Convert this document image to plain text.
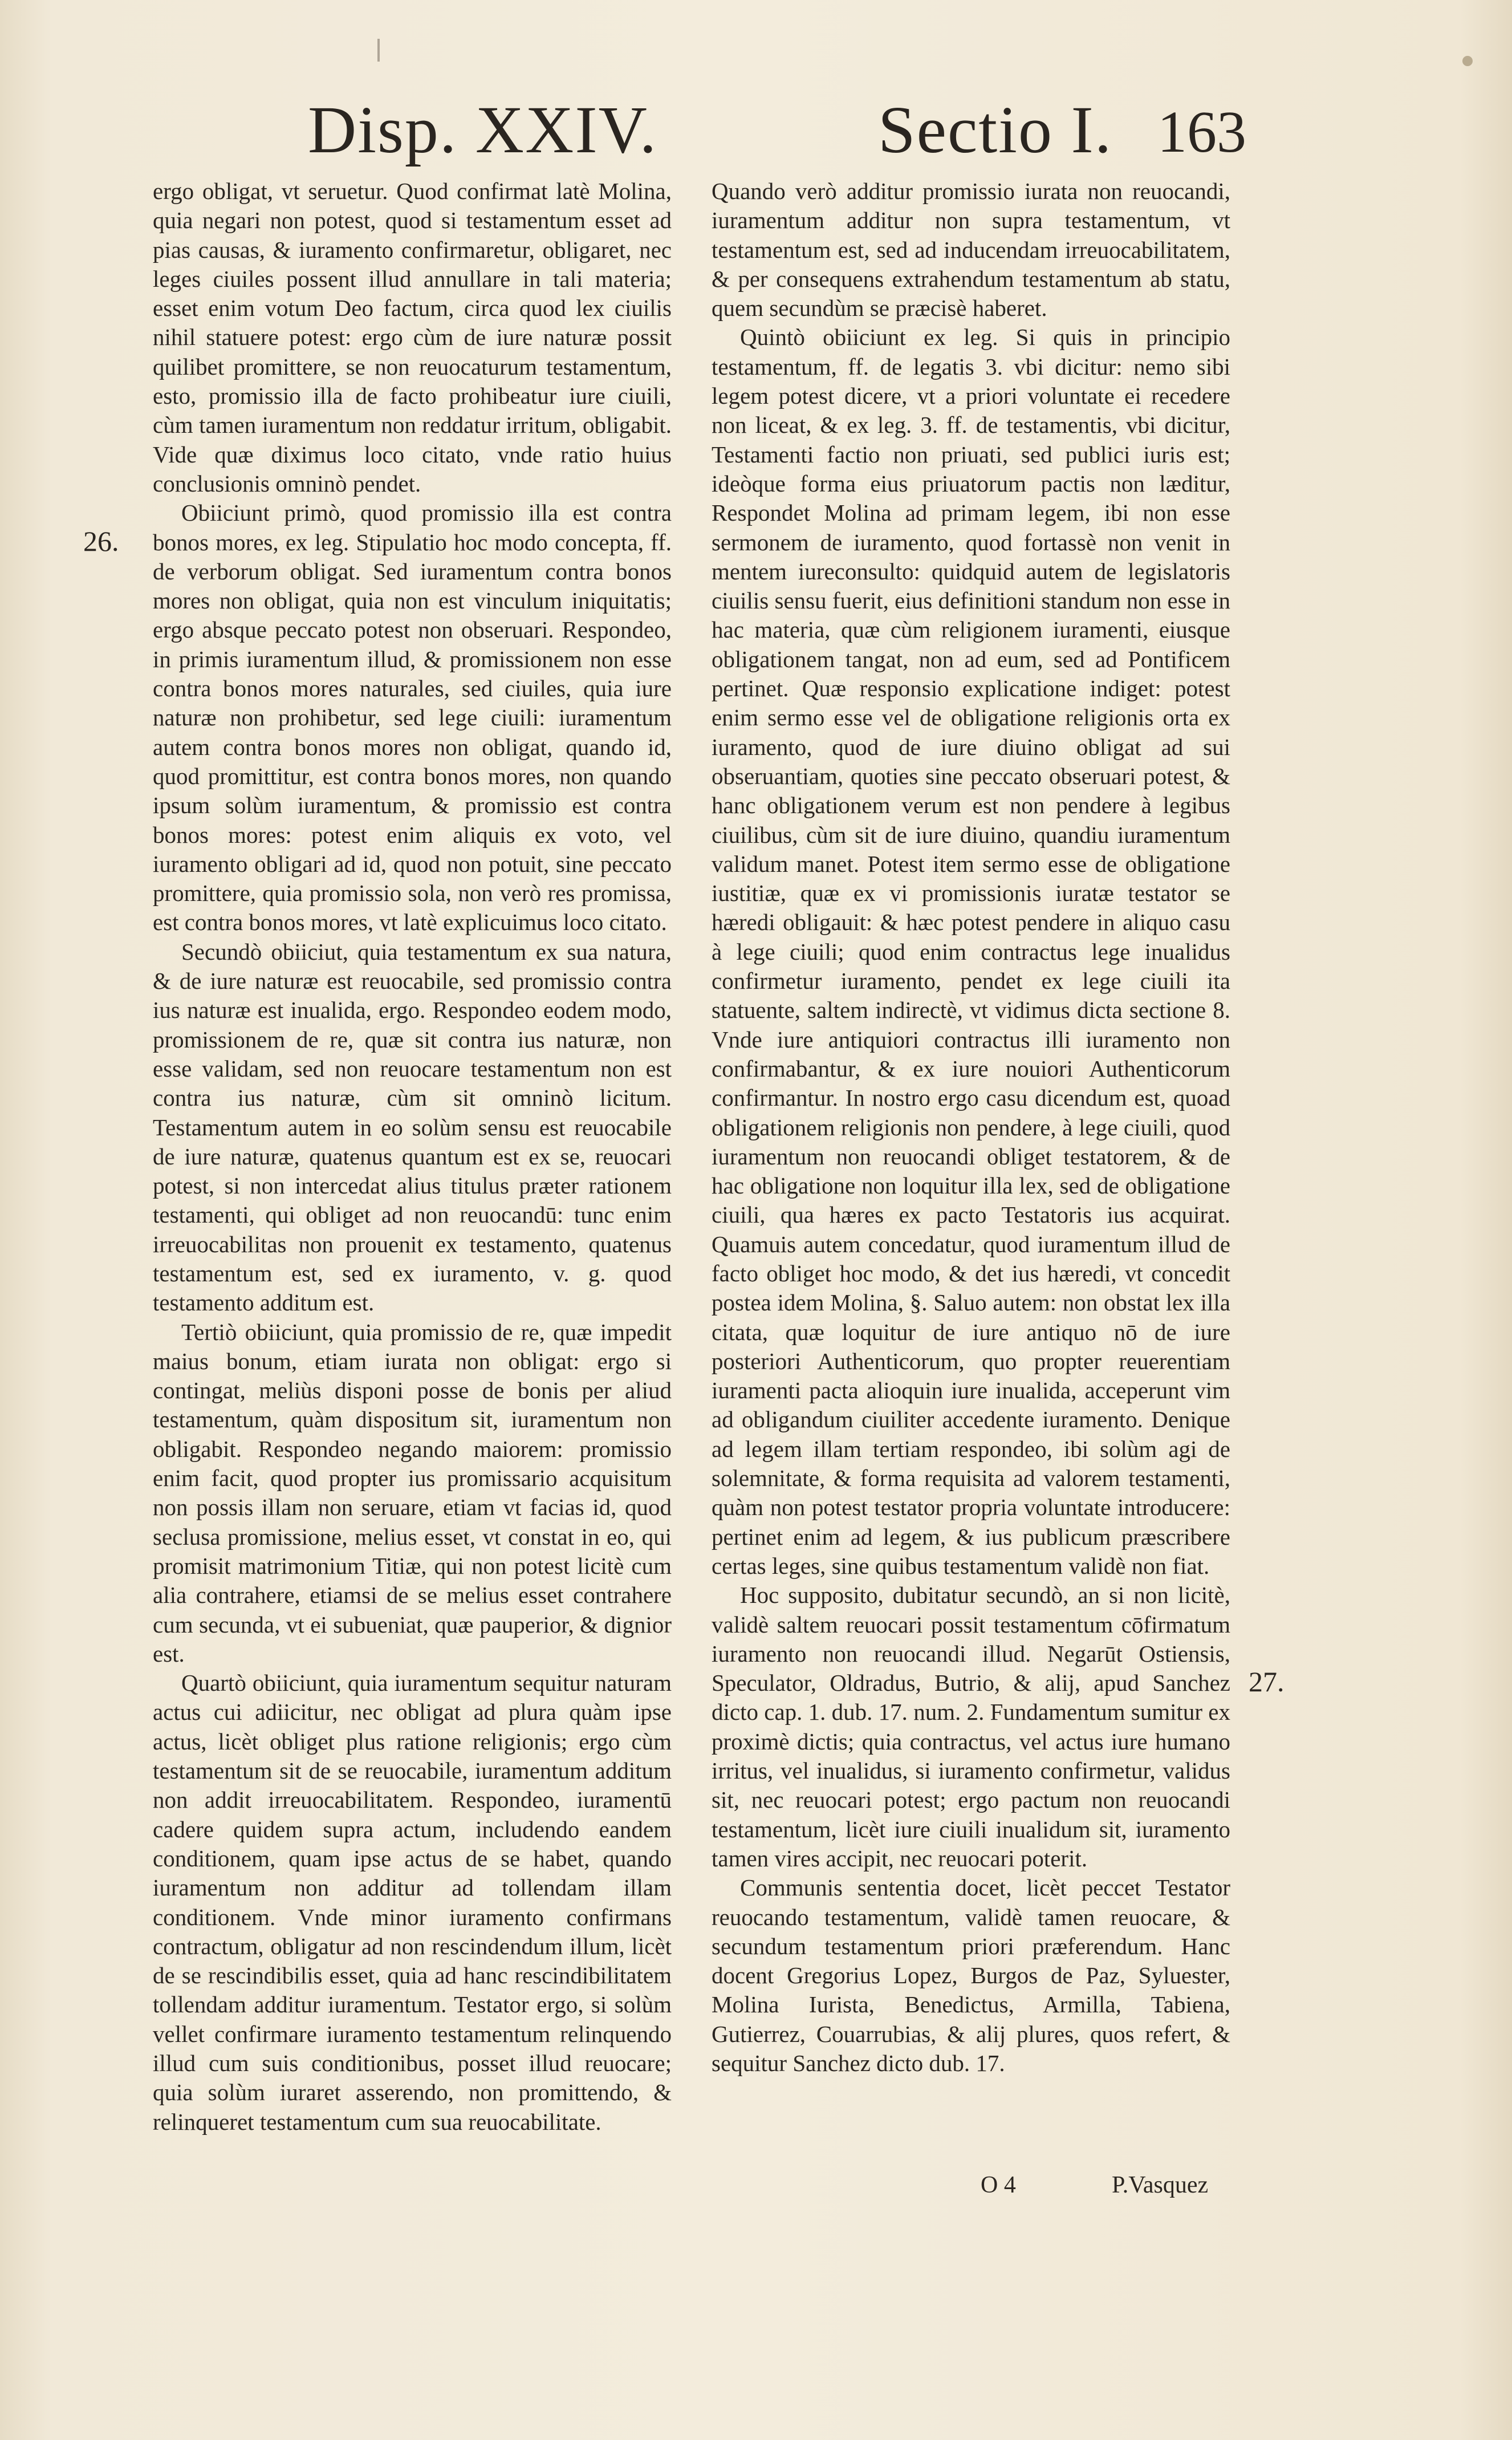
Disp. XXIV.	Sectio I. 163
26.
27.

ergo obligat, vt seruetur. Quod confirmat latè Molina, quia negari non potest, quod si testamentum esset ad pias causas, & iuramento confirmaretur, obligaret, nec leges ciuiles possent illud annullare in tali materia; esset enim votum Deo factum, circa quod lex ciuilis nihil statuere potest: ergo cùm de iure naturæ possit quilibet promittere, se non reuocaturum testamentum, esto, promissio illa de facto prohibeatur iure ciuili, cùm tamen iuramentum non reddatur irritum, obligabit. Vide quæ diximus loco citato, vnde ratio huius conclusionis omninò pendet.

Obiiciunt primò, quod promissio illa est contra bonos mores, ex leg. Stipulatio hoc modo concepta, ff. de verborum obligat. Sed iuramentum contra bonos mores non obligat, quia non est vinculum iniquitatis; ergo absque peccato potest non obseruari. Respondeo, in primis iuramentum illud, & promissionem non esse contra bonos mores naturales, sed ciuiles, quia iure naturæ non prohibetur, sed lege ciuili: iuramentum autem contra bonos mores non obligat, quando id, quod promittitur, est contra bonos mores, non quando ipsum solùm iuramentum, & promissio est contra bonos mores: potest enim aliquis ex voto, vel iuramento obligari ad id, quod non potuit, sine peccato promittere, quia promissio sola, non verò res promissa, est contra bonos mores, vt latè explicuimus loco citato.

Secundò obiiciut, quia testamentum ex sua natura, & de iure naturæ est reuocabile, sed promissio contra ius naturæ est inualida, ergo. Respondeo eodem modo, promissionem de re, quæ sit contra ius naturæ, non esse validam, sed non reuocare testamentum non est contra ius naturæ, cùm sit omninò licitum. Testamentum autem in eo solùm sensu est reuocabile de iure naturæ, quatenus quantum est ex se, reuocari potest, si non intercedat alius titulus præter rationem testamenti, qui obliget ad non reuocandū: tunc enim irreuocabilitas non prouenit ex testamento, quatenus testamentum est, sed ex iuramento, v. g. quod testamento additum est.

Tertiò obiiciunt, quia promissio de re, quæ impedit maius bonum, etiam iurata non obligat: ergo si contingat, meliùs disponi posse de bonis per aliud testamentum, quàm dispositum sit, iuramentum non obligabit. Respondeo negando maiorem: promissio enim facit, quod propter ius promissario acquisitum non possis illam non seruare, etiam vt facias id, quod seclusa promissione, melius esset, vt constat in eo, qui promisit matrimonium Titiæ, qui non potest licitè cum alia contrahere, etiamsi de se melius esset contrahere cum secunda, vt ei subueniat, quæ pauperior, & dignior est.

Quartò obiiciunt, quia iuramentum sequitur naturam actus cui adiicitur, nec obligat ad plura quàm ipse actus, licèt obliget plus ratione religionis; ergo cùm testamentum sit de se reuocabile, iuramentum additum non addit irreuocabilitatem. Respondeo, iuramentū cadere quidem supra actum, includendo eandem conditionem, quam ipse actus de se habet, quando iuramentum non additur ad tollendam illam conditionem. Vnde minor iuramento confirmans contractum, obligatur ad non rescindendum illum, licèt de se rescindibilis esset, quia ad hanc rescindibilitatem tollendam additur iuramentum. Testator ergo, si solùm vellet confirmare iuramento testamentum relinquendo illud cum suis conditionibus, posset illud reuocare; quia solùm iuraret asserendo, non promittendo, & relinqueret testamentum cum sua reuocabilitate.

Quando verò additur promissio iurata non reuocandi, iuramentum additur non supra testamentum, vt testamentum est, sed ad inducendam irreuocabilitatem, & per consequens extrahendum testamentum ab statu, quem secundùm se præcisè haberet.

Quintò obiiciunt ex leg. Si quis in principio testamentum, ff. de legatis 3. vbi dicitur: nemo sibi legem potest dicere, vt a priori voluntate ei recedere non liceat, & ex leg. 3. ff. de testamentis, vbi dicitur, Testamenti factio non priuati, sed publici iuris est; ideòque forma eius priuatorum pactis non læditur, Respondet Molina ad primam legem, ibi non esse sermonem de iuramento, quod fortassè non venit in mentem iureconsulto: quidquid autem de legislatoris ciuilis sensu fuerit, eius definitioni standum non esse in hac materia, quæ cùm religionem iuramenti, eiusque obligationem tangat, non ad eum, sed ad Pontificem pertinet. Quæ responsio explicatione indiget: potest enim sermo esse vel de obligatione religionis orta ex iuramento, quod de iure diuino obligat ad sui obseruantiam, quoties sine peccato obseruari potest, & hanc obligationem verum est non pendere à legibus ciuilibus, cùm sit de iure diuino, quandiu iuramentum validum manet. Potest item sermo esse de obligatione iustitiæ, quæ ex vi promissionis iuratæ testator se hæredi obligauit: & hæc potest pendere in aliquo casu à lege ciuili; quod enim contractus lege inualidus confirmetur iuramento, pendet ex lege ciuili ita statuente, saltem indirectè, vt vidimus dicta sectione 8. Vnde iure antiquiori contractus illi iuramento non confirmabantur, & ex iure nouiori Authenticorum confirmantur. In nostro ergo casu dicendum est, quoad obligationem religionis non pendere, à lege ciuili, quod iuramentum non reuocandi obliget testatorem, & de hac obligatione non loquitur illa lex, sed de obligatione ciuili, qua hæres ex pacto Testatoris ius acquirat. Quamuis autem concedatur, quod iuramentum illud de facto obliget hoc modo, & det ius hæredi, vt concedit postea idem Molina, §. Saluo autem: non obstat lex illa citata, quæ loquitur de iure antiquo nō de iure posteriori Authenticorum, quo propter reuerentiam iuramenti pacta alioquin iure inualida, acceperunt vim ad obligandum ciuiliter accedente iuramento. Denique ad legem illam tertiam respondeo, ibi solùm agi de solemnitate, & forma requisita ad valorem testamenti, quàm non potest testator propria voluntate introducere: pertinet enim ad legem, & ius publicum præscribere certas leges, sine quibus testamentum validè non fiat.

Hoc supposito, dubitatur secundò, an si non licitè, validè saltem reuocari possit testamentum cōfirmatum iuramento non reuocandi illud. Negarūt Ostiensis, Speculator, Oldradus, Butrio, & alij, apud Sanchez dicto cap. 1. dub. 17. num. 2. Fundamentum sumitur ex proximè dictis; quia contractus, vel actus iure humano irritus, vel inualidus, si iuramento confirmetur, validus sit, nec reuocari potest; ergo pactum non reuocandi testamentum, licèt iure ciuili inualidum sit, iuramento tamen vires accipit, nec reuocari poterit.

Communis sententia docet, licèt peccet Testator reuocando testamentum, validè tamen reuocare, & secundum testamentum priori præferendum. Hanc docent Gregorius Lopez, Burgos de Paz, Syluester, Molina Iurista, Benedictus, Armilla, Tabiena, Gutierrez, Couarrubias, & alij plures, quos refert, & sequitur Sanchez dicto dub. 17.

O 4	P.Vasquez
